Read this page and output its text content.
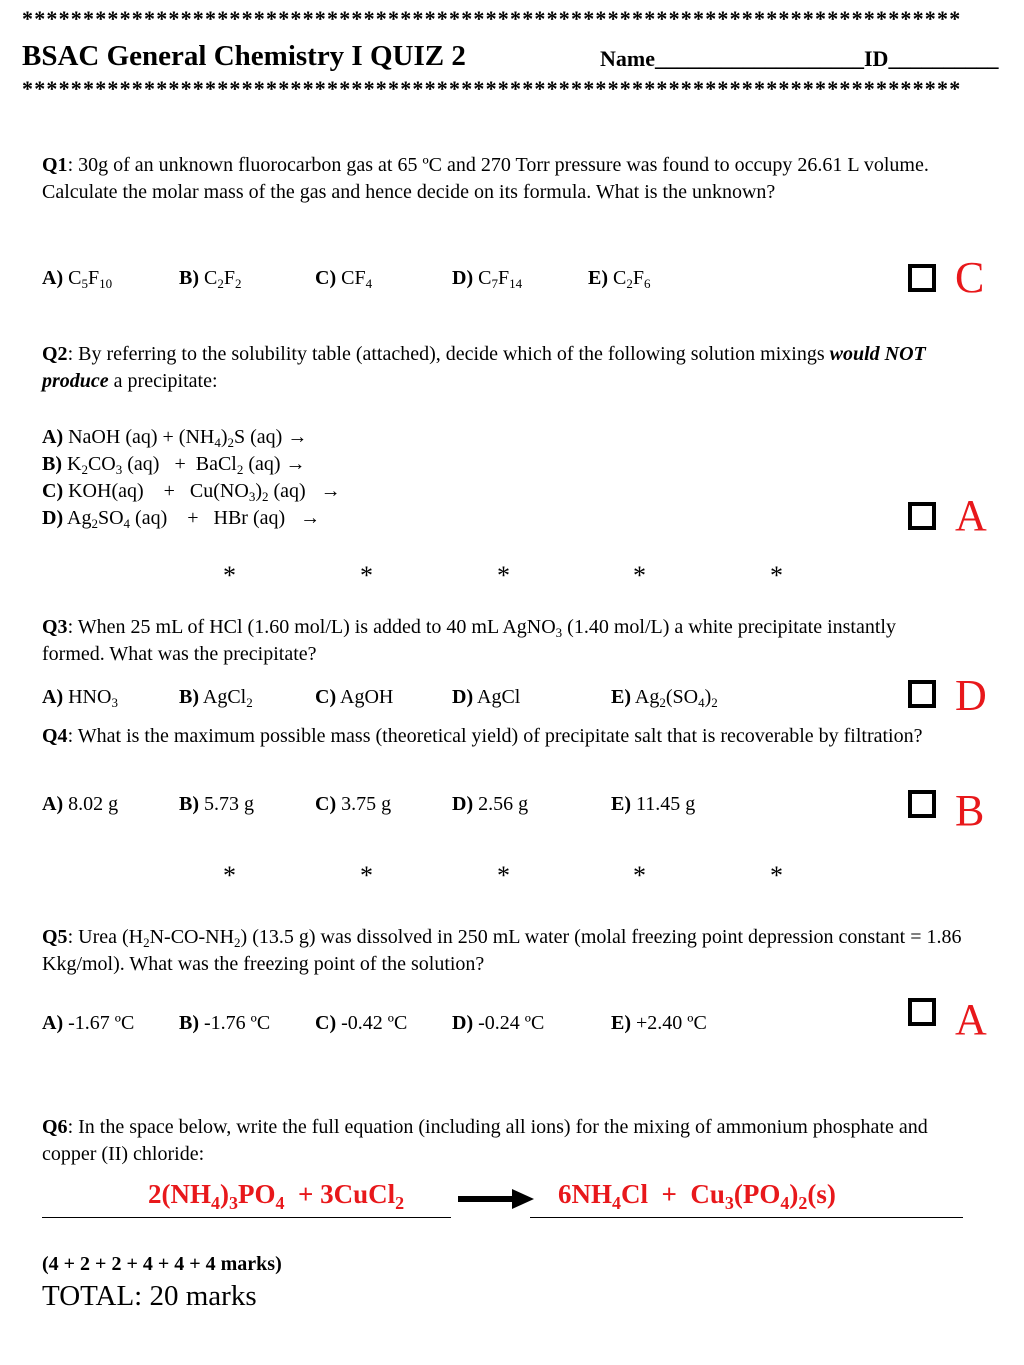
*****************************************************************************
BSAC General Chemistry I QUIZ 2	Name___________________ID__________
*****************************************************************************
Q1: 30g of an unknown fluorocarbon gas at 65 ºC and 270 Torr pressure was found to occupy 26.61 L volume. Calculate the molar mass of the gas and hence decide on its formula. What is the unknown?
A) $C_5F_{10}$	B) $C_2F_2$	C) $CF_4$	D) $C_7F_{14}$	E) $C_2F_6$	C
Q2: By referring to the solubility table (attached), decide which of the following solution mixings would NOT produce a precipitate:
A) NaOH $(aq) + (NH_4)_2S$ (aq) →
B) $K_2CO_3$ (aq)   +  BaCl$_2$ (aq) →
C) KOH(aq)    +   $Cu(NO_3)_2$ (aq)   →
D) $Ag_2SO_4$ (aq)    +   HBr (aq)   →	A
*	*	*	*	*
Q3: When 25 mL of HCl (1.60 mol/L) is added to 40 mL AgNO$_3$ (1.40 mol/L) a white precipitate instantly formed. What was the precipitate?
A) $HNO_3$	B) AgCl$_2$	C) AgOH	D) AgCl	E) $Ag_2(SO_4)_2$	D
Q4: What is the maximum possible mass (theoretical yield) of precipitate salt that is recoverable by filtration?
A) 8.02 g	B) 5.73 g	C) 3.75 g	D) 2.56 g	E) 11.45 g	B
*	*	*	*	*
Q5: Urea $(H_2N-CO-NH_2)$ (13.5 g) was dissolved in 250 mL water (molal freezing point depression constant = 1.86 Kkg/mol). What was the freezing point of the solution?
A) -1.67 ºC B) -1.76 ºC C) -0.42 ºC D) -0.24 ºC	E) +2.40 ºC	A
Q6: In the space below, write the full equation (including all ions) for the mixing of ammonium phosphate and copper (II) chloride:
$2(NH_4)_3PO_4$  + 3CuCl$_2$	$6NH_4Cl + Cu_3(PO_4)_2(s)$
(4 + 2 + 2 + 4 + 4 + 4 marks)
TOTAL: 20 marks
